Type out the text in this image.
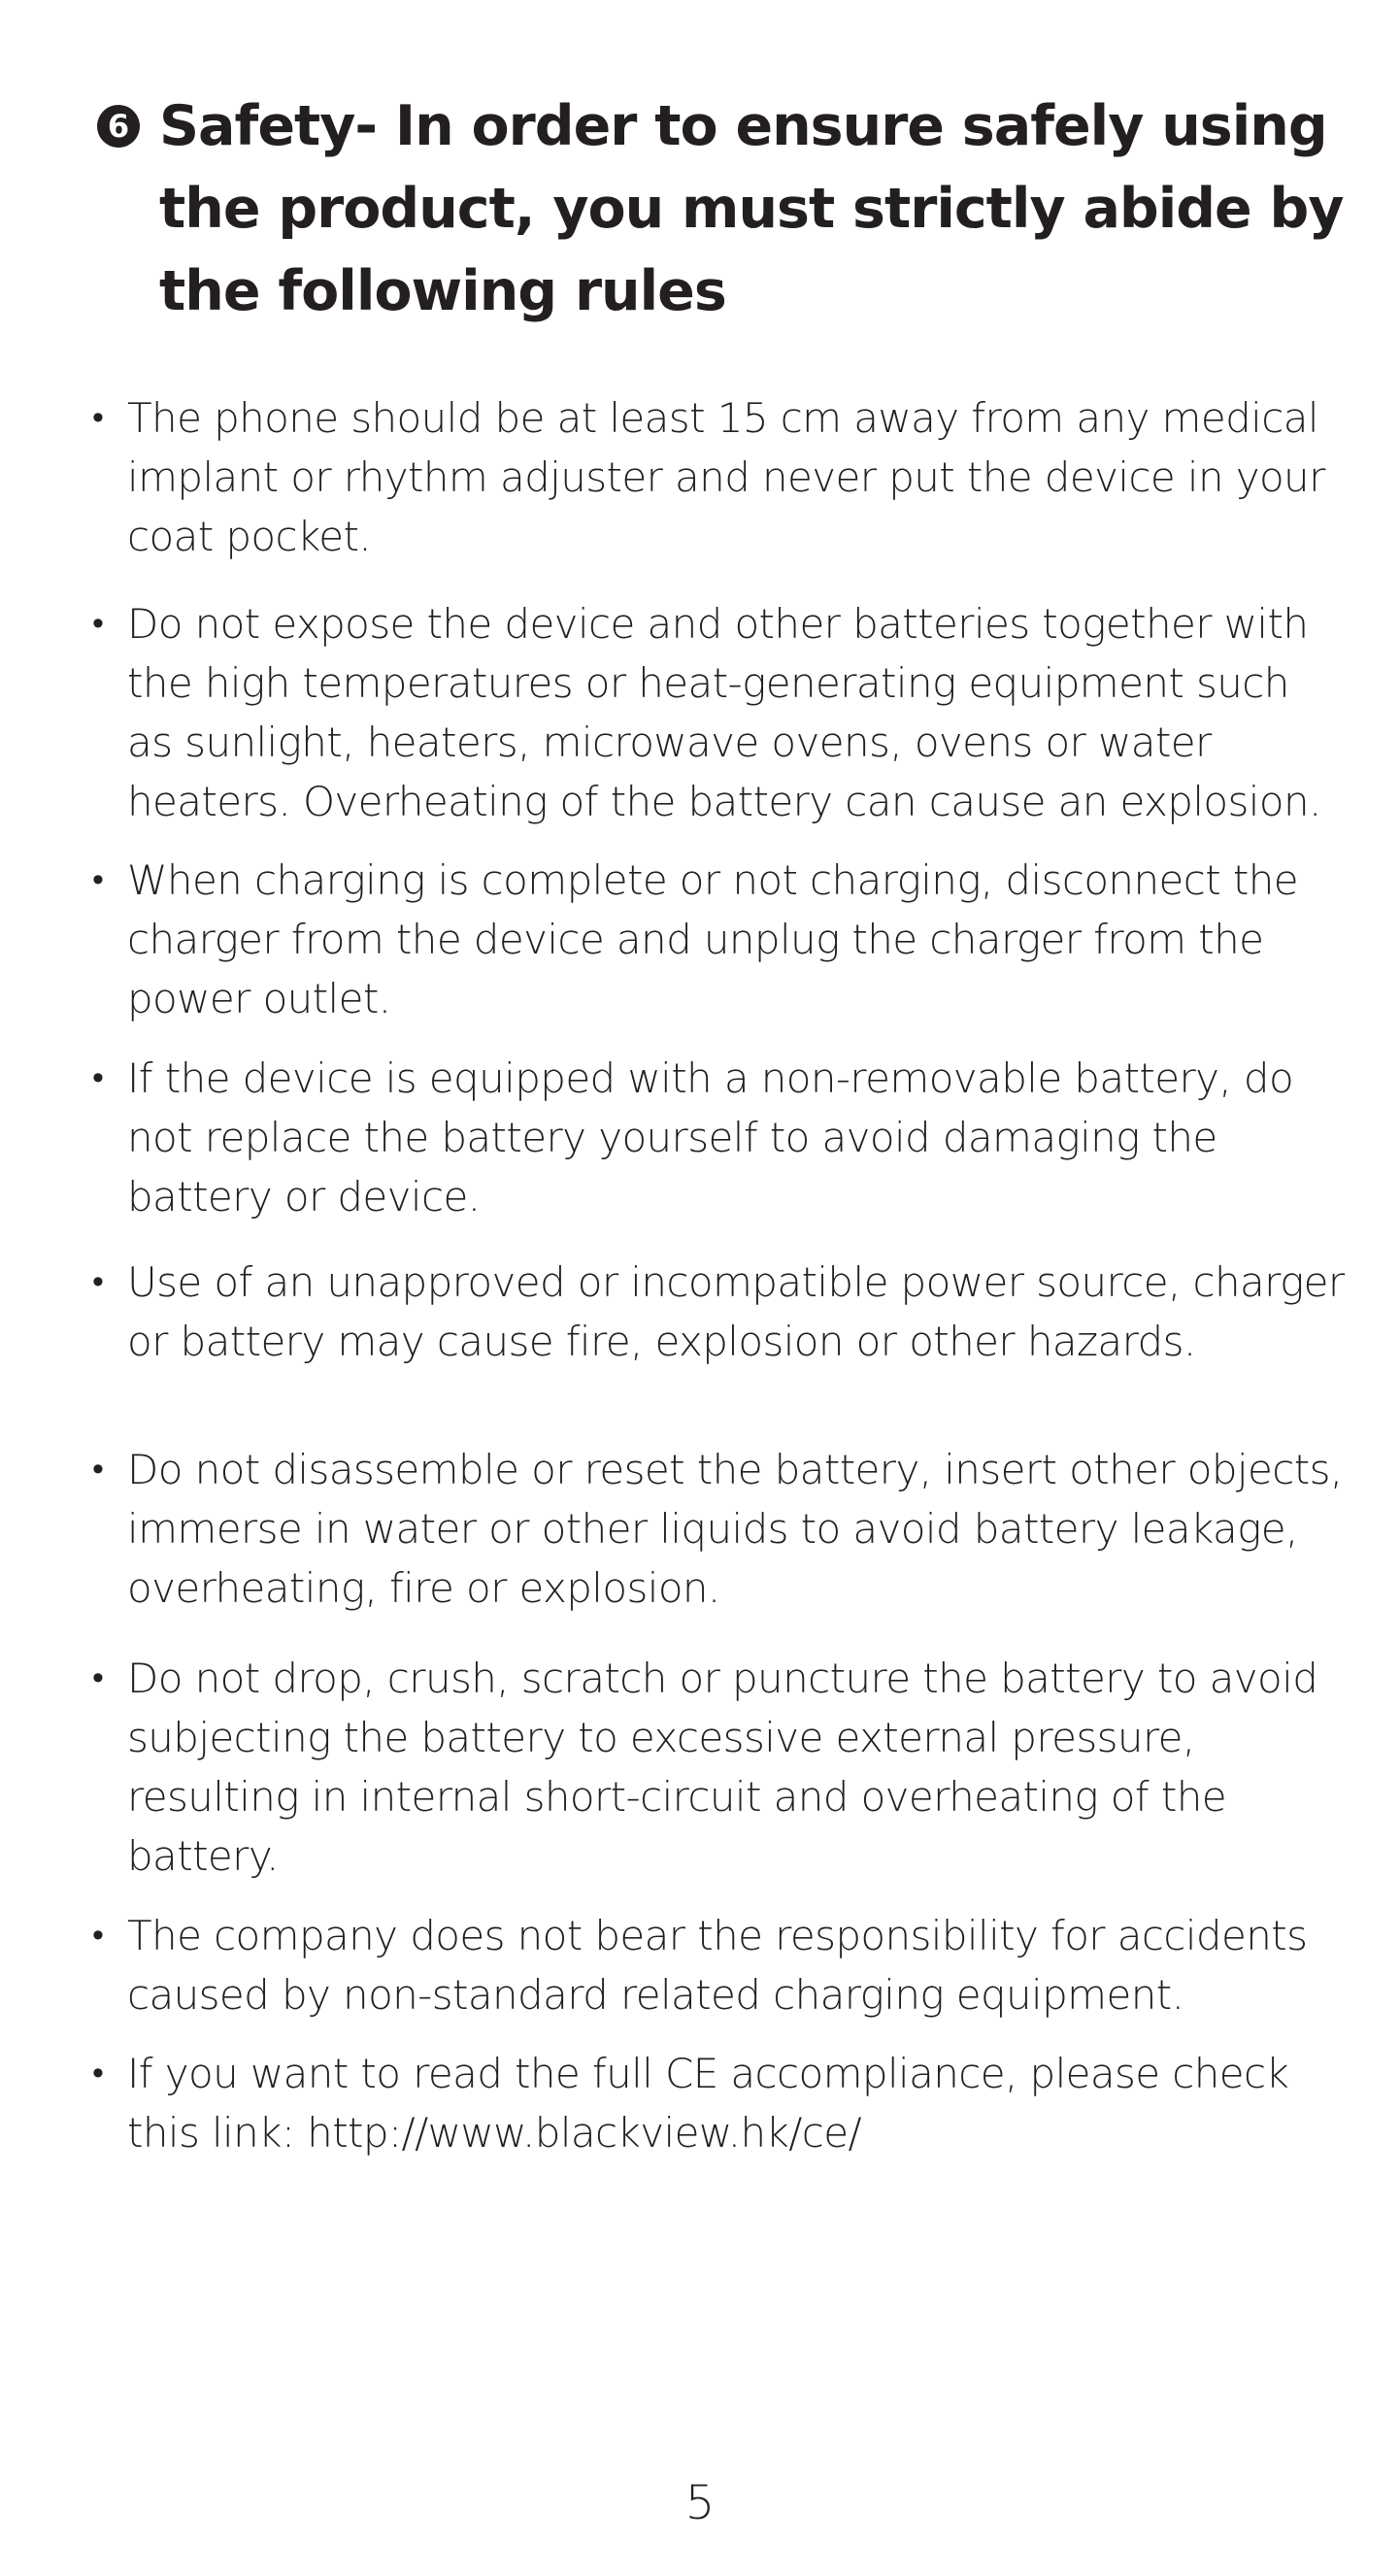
6 Safety- In order to ensure safely using the product, you must strictly abide by the following rules
• The phone should be at least 15 cm away from any medical implant or rhythm adjuster and never put the device in your coat pocket.
• Do not expose the device and other batteries together with the high temperatures or heat-generating equipment such as sunlight, heaters, microwave ovens, ovens or water heaters. Overheating of the battery can cause an explosion.
• When charging is complete or not charging, disconnect the charger from the device and unplug the charger from the power outlet.
• If the device is equipped with a non-removable battery, do not replace the battery yourself to avoid damaging the battery or device.
• Use of an unapproved or incompatible power source, charger or battery may cause fire, explosion or other hazards.
• Do not disassemble or reset the battery, insert other objects, immerse in water or other liquids to avoid battery leakage, overheating, fire or explosion.
• Do not drop, crush, scratch or puncture the battery to avoid subjecting the battery to excessive external pressure, resulting in internal short-circuit and overheating of the battery.
• The company does not bear the responsibility for accidents caused by non-standard related charging equipment.
• If you want to read the full CE accompliance, please check this link: http://www.blackview.hk/ce/
5
